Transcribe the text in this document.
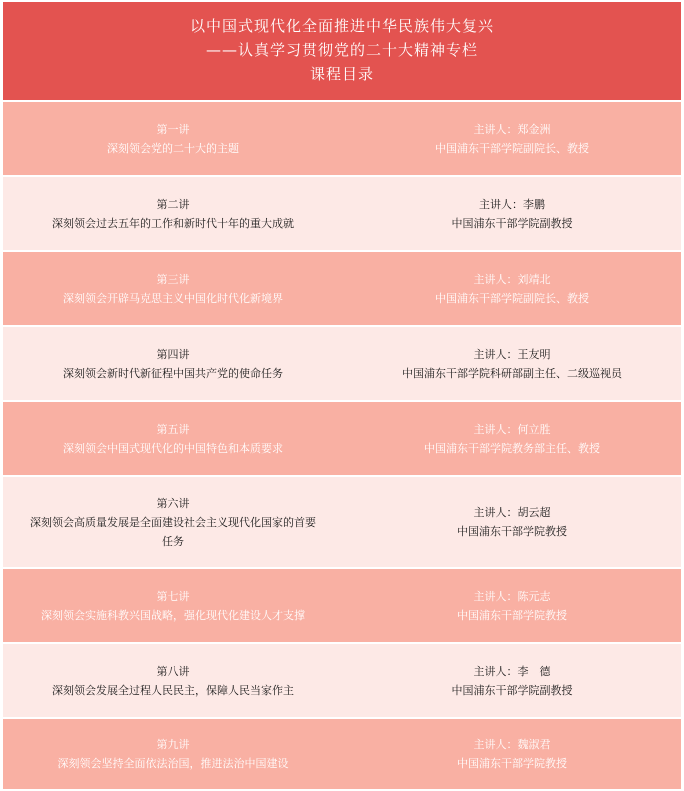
以中国式现代化全面推进中华民族伟大复兴
——认真学习贯彻党的二十大精神专栏
课程目录
第一讲
深刻领会党的二十大的主题
主讲人：郑金洲
中国浦东干部学院副院长、教授
第二讲
深刻领会过去五年的工作和新时代十年的重大成就
主讲人：李鹏
中国浦东干部学院副教授
第三讲
深刻领会开辟马克思主义中国化时代化新境界
主讲人：刘靖北
中国浦东干部学院副院长、教授
第四讲
深刻领会新时代新征程中国共产党的使命任务
主讲人：王友明
中国浦东干部学院科研部副主任、二级巡视员
第五讲
深刻领会中国式现代化的中国特色和本质要求
主讲人：何立胜
中国浦东干部学院教务部主任、教授
第六讲
深刻领会高质量发展是全面建设社会主义现代化国家的首要
任务
主讲人：胡云超
中国浦东干部学院教授
第七讲
深刻领会实施科教兴国战略，强化现代化建设人才支撑
主讲人：陈元志
中国浦东干部学院教授
第八讲
深刻领会发展全过程人民民主，保障人民当家作主
主讲人：李　德
中国浦东干部学院副教授
第九讲
深刻领会坚持全面依法治国，推进法治中国建设
主讲人：魏淑君
中国浦东干部学院教授
